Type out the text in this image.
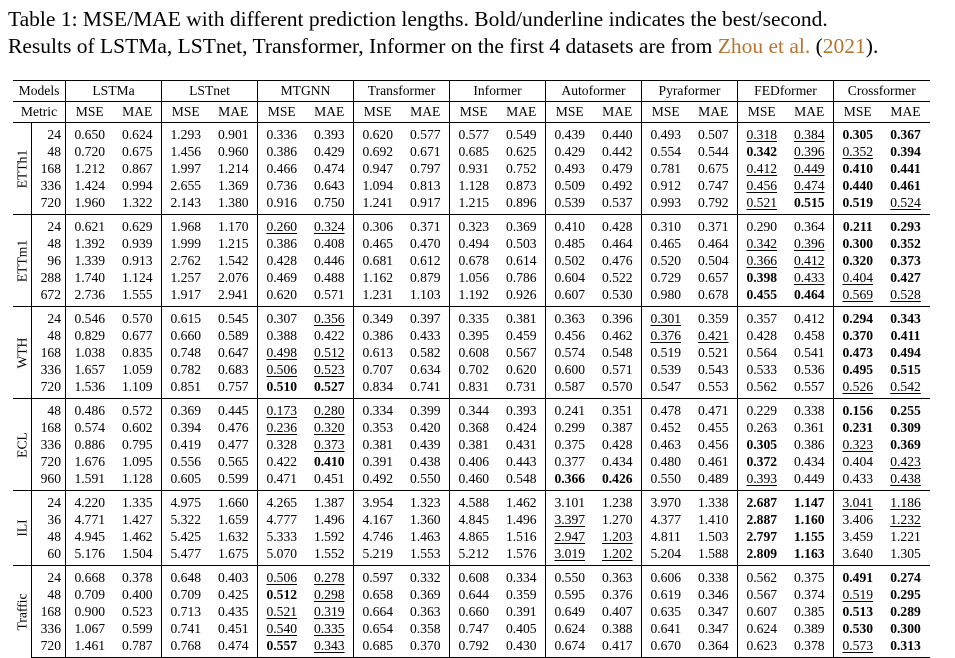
Table 1: MSE/MAE with different prediction lengths. Bold/underline indicates the best/second.
Results of LSTMa, LSTnet, Transformer, Informer on the first 4 datasets are from Zhou et al. (2021).
Models		LSTMa		LSTnet		MTGNN		Transformer		Informer		Autoformer		Pyraformer		FEDformer		Crossformer	
Metric		MSE	MAE	MSE	MAE	MSE	MAE	MSE	MAE	MSE	MAE	MSE	MAE	MSE	MAE	MSE	MAE	MSE	MAE

ETTh1	24	0.650	0.624	1.293	0.901	0.336	0.393	0.620	0.577	0.577	0.549	0.439	0.440	0.493	0.507	0.318	0.384	0.305	0.367
	48	0.720	0.675	1.456	0.960	0.386	0.429	0.692	0.671	0.685	0.625	0.429	0.442	0.554	0.544	0.342	0.396	0.352	0.394
	168	1.212	0.867	1.997	1.214	0.466	0.474	0.947	0.797	0.931	0.752	0.493	0.479	0.781	0.675	0.412	0.449	0.410	0.441
	336	1.424	0.994	2.655	1.369	0.736	0.643	1.094	0.813	1.128	0.873	0.509	0.492	0.912	0.747	0.456	0.474	0.440	0.461
	720	1.960	1.322	2.143	1.380	0.916	0.750	1.241	0.917	1.215	0.896	0.539	0.537	0.993	0.792	0.521	0.515	0.519	0.524

ETTm1	24	0.621	0.629	1.968	1.170	0.260	0.324	0.306	0.371	0.323	0.369	0.410	0.428	0.310	0.371	0.290	0.364	0.211	0.293
	48	1.392	0.939	1.999	1.215	0.386	0.408	0.465	0.470	0.494	0.503	0.485	0.464	0.465	0.464	0.342	0.396	0.300	0.352
	96	1.339	0.913	2.762	1.542	0.428	0.446	0.681	0.612	0.678	0.614	0.502	0.476	0.520	0.504	0.366	0.412	0.320	0.373
	288	1.740	1.124	1.257	2.076	0.469	0.488	1.162	0.879	1.056	0.786	0.604	0.522	0.729	0.657	0.398	0.433	0.404	0.427
	672	2.736	1.555	1.917	2.941	0.620	0.571	1.231	1.103	1.192	0.926	0.607	0.530	0.980	0.678	0.455	0.464	0.569	0.528

WTH	24	0.546	0.570	0.615	0.545	0.307	0.356	0.349	0.397	0.335	0.381	0.363	0.396	0.301	0.359	0.357	0.412	0.294	0.343
	48	0.829	0.677	0.660	0.589	0.388	0.422	0.386	0.433	0.395	0.459	0.456	0.462	0.376	0.421	0.428	0.458	0.370	0.411
	168	1.038	0.835	0.748	0.647	0.498	0.512	0.613	0.582	0.608	0.567	0.574	0.548	0.519	0.521	0.564	0.541	0.473	0.494
	336	1.657	1.059	0.782	0.683	0.506	0.523	0.707	0.634	0.702	0.620	0.600	0.571	0.539	0.543	0.533	0.536	0.495	0.515
	720	1.536	1.109	0.851	0.757	0.510	0.527	0.834	0.741	0.831	0.731	0.587	0.570	0.547	0.553	0.562	0.557	0.526	0.542

ECL	48	0.486	0.572	0.369	0.445	0.173	0.280	0.334	0.399	0.344	0.393	0.241	0.351	0.478	0.471	0.229	0.338	0.156	0.255
	168	0.574	0.602	0.394	0.476	0.236	0.320	0.353	0.420	0.368	0.424	0.299	0.387	0.452	0.455	0.263	0.361	0.231	0.309
	336	0.886	0.795	0.419	0.477	0.328	0.373	0.381	0.439	0.381	0.431	0.375	0.428	0.463	0.456	0.305	0.386	0.323	0.369
	720	1.676	1.095	0.556	0.565	0.422	0.410	0.391	0.438	0.406	0.443	0.377	0.434	0.480	0.461	0.372	0.434	0.404	0.423
	960	1.591	1.128	0.605	0.599	0.471	0.451	0.492	0.550	0.460	0.548	0.366	0.426	0.550	0.489	0.393	0.449	0.433	0.438

ILI	24	4.220	1.335	4.975	1.660	4.265	1.387	3.954	1.323	4.588	1.462	3.101	1.238	3.970	1.338	2.687	1.147	3.041	1.186
	36	4.771	1.427	5.322	1.659	4.777	1.496	4.167	1.360	4.845	1.496	3.397	1.270	4.377	1.410	2.887	1.160	3.406	1.232
	48	4.945	1.462	5.425	1.632	5.333	1.592	4.746	1.463	4.865	1.516	2.947	1.203	4.811	1.503	2.797	1.155	3.459	1.221
	60	5.176	1.504	5.477	1.675	5.070	1.552	5.219	1.553	5.212	1.576	3.019	1.202	5.204	1.588	2.809	1.163	3.640	1.305

Traffic	24	0.668	0.378	0.648	0.403	0.506	0.278	0.597	0.332	0.608	0.334	0.550	0.363	0.606	0.338	0.562	0.375	0.491	0.274
	48	0.709	0.400	0.709	0.425	0.512	0.298	0.658	0.369	0.644	0.359	0.595	0.376	0.619	0.346	0.567	0.374	0.519	0.295
	168	0.900	0.523	0.713	0.435	0.521	0.319	0.664	0.363	0.660	0.391	0.649	0.407	0.635	0.347	0.607	0.385	0.513	0.289
	336	1.067	0.599	0.741	0.451	0.540	0.335	0.654	0.358	0.747	0.405	0.624	0.388	0.641	0.347	0.624	0.389	0.530	0.300
	720	1.461	0.787	0.768	0.474	0.557	0.343	0.685	0.370	0.792	0.430	0.674	0.417	0.670	0.364	0.623	0.378	0.573	0.313
